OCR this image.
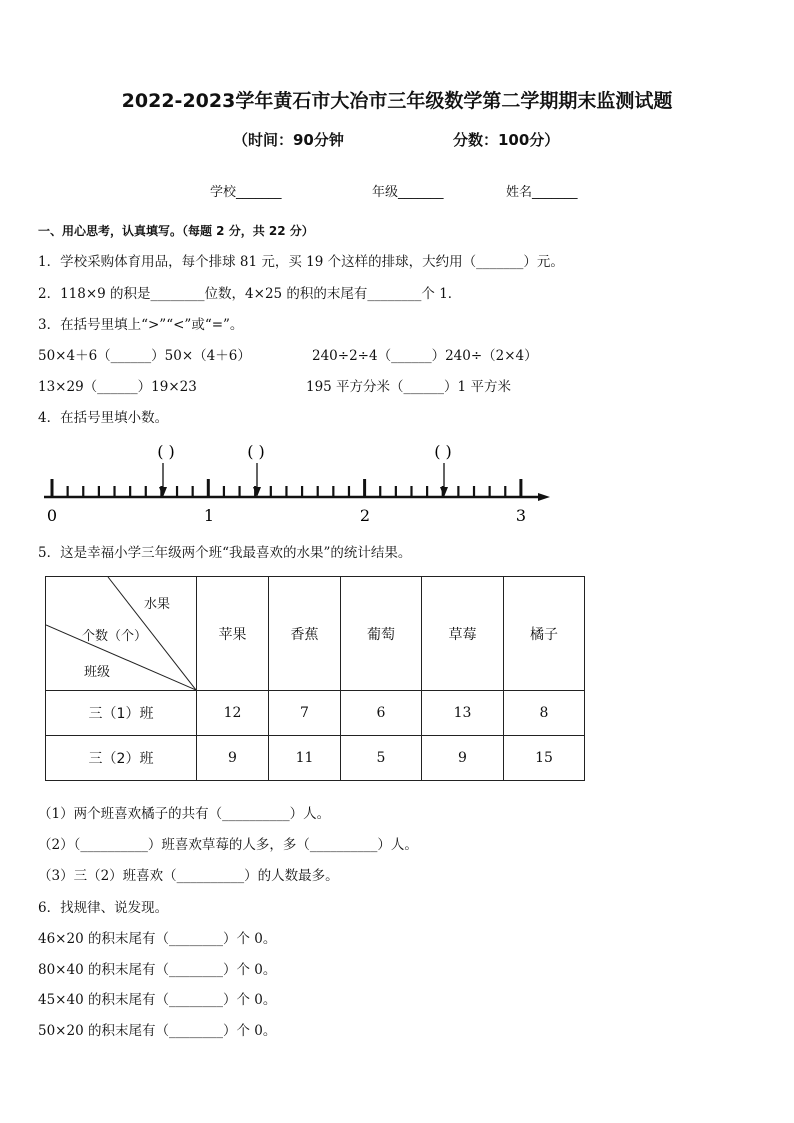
2022-2023学年黄石市大冶市三年级数学第二学期期末监测试题
（时间：90分钟	分数：100分）
学校_______	年级_______	姓名_______
一、用心思考，认真填写。（每题 2 分，共 22 分）
1．学校采购体育用品，每个排球 81 元，买 19 个这样的排球，大约用（_______）元。
2．118×9 的积是________位数，4×25 的积的末尾有________个 1．
3．在括号里填上“>”“<”或“=”。
50×4＋6（______）50×（4＋6）	240÷2÷4（______）240÷（2×4）
13×29（______）19×23	195 平方分米（______）1 平方米
4．在括号里填小数。
( )	( )	( )
0	1	2	3
5．这是幸福小学三年级两个班“我最喜欢的水果”的统计结果。
水果
个数（个）
班级	苹果	香蕉	葡萄	草莓	橘子
三（1）班	12	7	6	13	8
三（2）班	9	11	5	9	15
（1）两个班喜欢橘子的共有（__________）人。
（2）（__________）班喜欢草莓的人多，多（__________）人。
（3）三（2）班喜欢（__________）的人数最多。
6．找规律、说发现。
46×20 的积末尾有（________）个 0。
80×40 的积末尾有（________）个 0。
45×40 的积末尾有（________）个 0。
50×20 的积末尾有（________）个 0。
